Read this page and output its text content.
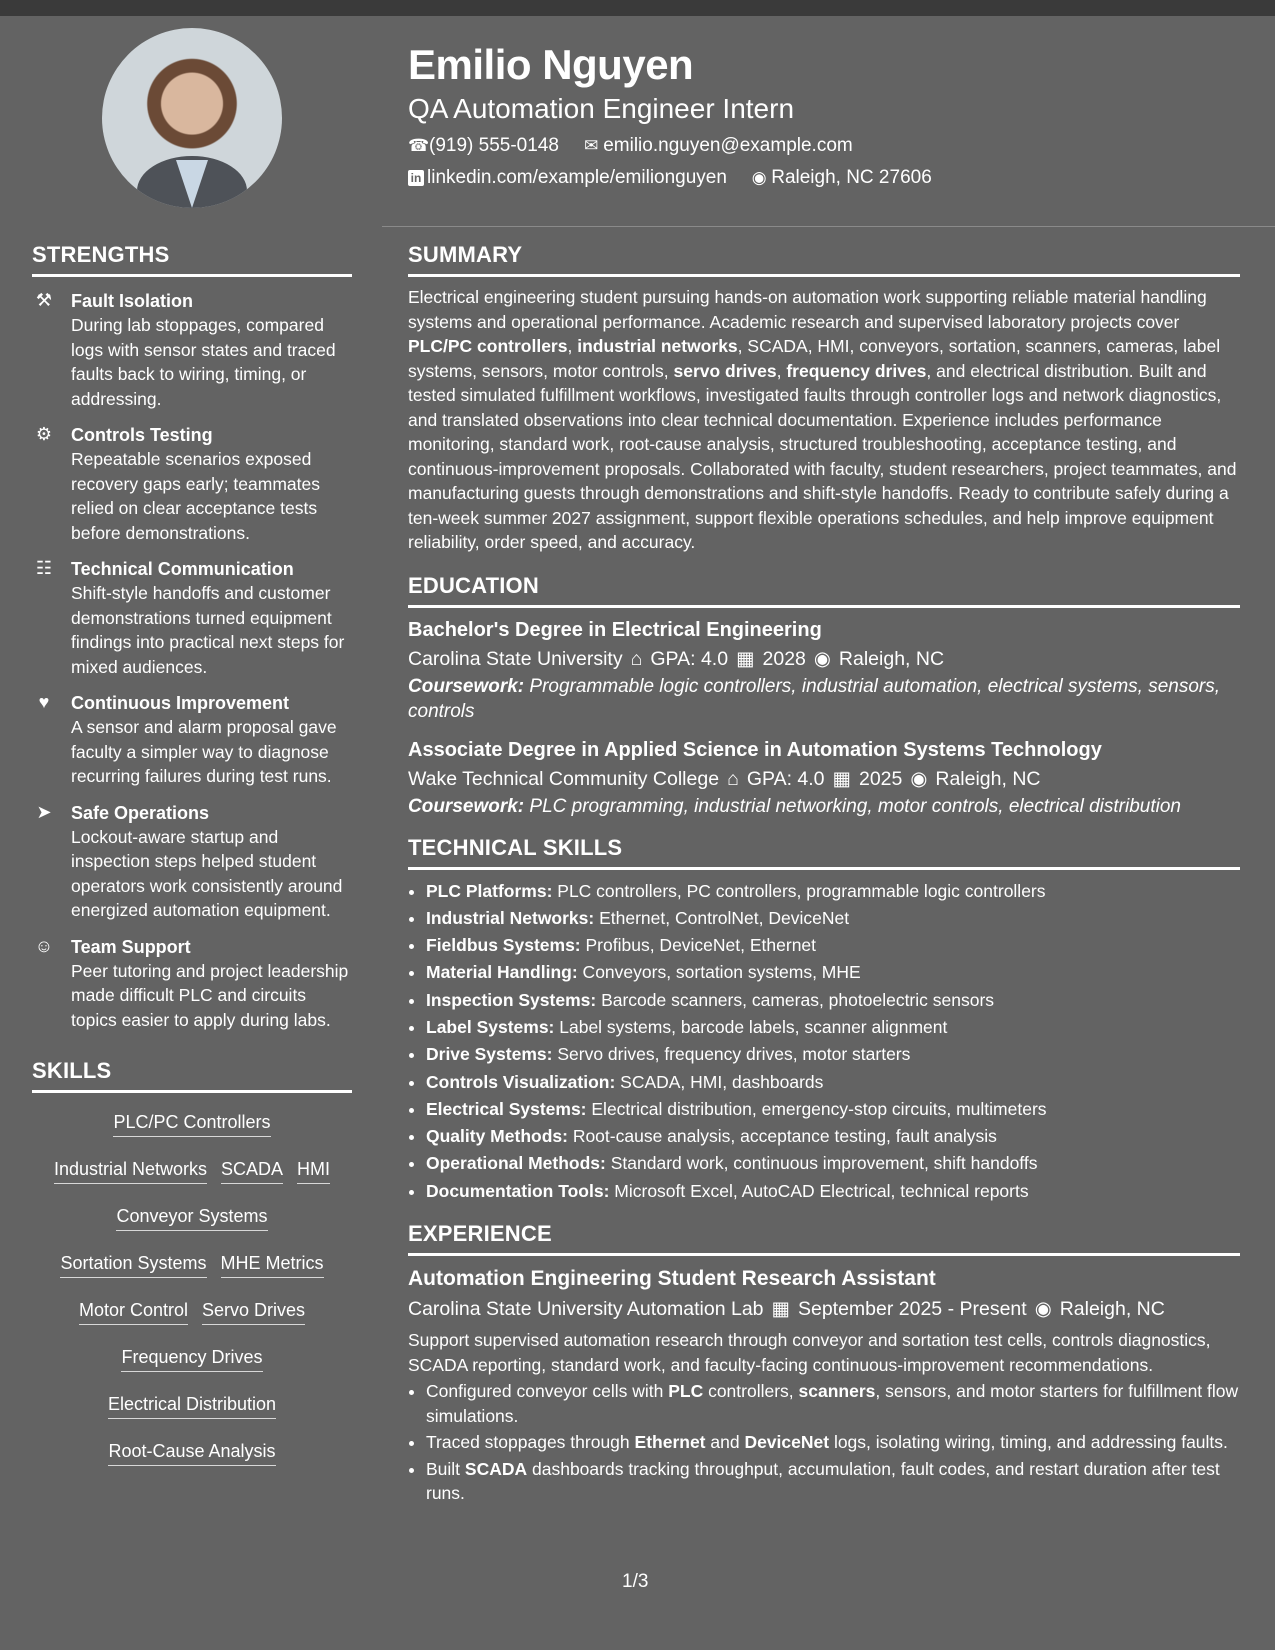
Emilio Nguyen
QA Automation Engineer Intern
☎(919) 555-0148 ✉ emilio.nguyen@example.com
in linkedin.com/example/emilionguyen ◉ Raleigh, NC 27606
STRENGTHS
⚒ Fault Isolation
During lab stoppages, compared logs with sensor states and traced faults back to wiring, timing, or addressing.
⚙ Controls Testing
Repeatable scenarios exposed recovery gaps early; teammates relied on clear acceptance tests before demonstrations.
☷ Technical Communication
Shift-style handoffs and customer demonstrations turned equipment findings into practical next steps for mixed audiences.
♥	Continuous Improvement
A sensor and alarm proposal gave faculty a simpler way to diagnose recurring failures during test runs.
➤ Safe Operations
Lockout-aware startup and inspection steps helped student operators work consistently around energized automation equipment.
☺ Team Support
Peer tutoring and project leadership made difficult PLC and circuits topics easier to apply during labs.
SKILLS
PLC/PC Controllers
Industrial Networks SCADA HMI
Conveyor Systems
Sortation Systems MHE Metrics
Motor Control Servo Drives
Frequency Drives
Electrical Distribution
Root-Cause Analysis
SUMMARY
Electrical engineering student pursuing hands-on automation work supporting reliable material handling systems and operational performance. Academic research and supervised laboratory projects cover PLC/PC controllers, industrial networks, SCADA, HMI, conveyors, sortation, scanners, cameras, label systems, sensors, motor controls, servo drives, frequency drives, and electrical distribution. Built and tested simulated fulfillment workflows, investigated faults through controller logs and network diagnostics, and translated observations into clear technical documentation. Experience includes performance monitoring, standard work, root-cause analysis, structured troubleshooting, acceptance testing, and continuous-improvement proposals. Collaborated with faculty, student researchers, project teammates, and manufacturing guests through demonstrations and shift-style handoffs. Ready to contribute safely during a ten-week summer 2027 assignment, support flexible operations schedules, and help improve equipment reliability, order speed, and accuracy.
EDUCATION
Bachelor's Degree in Electrical Engineering
Carolina State University ⌂ GPA: 4.0 ▦ 2028 ◉ Raleigh, NC
Coursework: Programmable logic controllers, industrial automation, electrical systems, sensors, controls
Associate Degree in Applied Science in Automation Systems Technology
Wake Technical Community College ⌂ GPA: 4.0 ▦ 2025 ◉ Raleigh, NC
Coursework: PLC programming, industrial networking, motor controls, electrical distribution
TECHNICAL SKILLS
• PLC Platforms: PLC controllers, PC controllers, programmable logic controllers
• Industrial Networks: Ethernet, ControlNet, DeviceNet
• Fieldbus Systems: Profibus, DeviceNet, Ethernet
• Material Handling: Conveyors, sortation systems, MHE
• Inspection Systems: Barcode scanners, cameras, photoelectric sensors
• Label Systems: Label systems, barcode labels, scanner alignment
• Drive Systems: Servo drives, frequency drives, motor starters
• Controls Visualization: SCADA, HMI, dashboards
• Electrical Systems: Electrical distribution, emergency-stop circuits, multimeters
• Quality Methods: Root-cause analysis, acceptance testing, fault analysis
• Operational Methods: Standard work, continuous improvement, shift handoffs
• Documentation Tools: Microsoft Excel, AutoCAD Electrical, technical reports
EXPERIENCE
Automation Engineering Student Research Assistant
Carolina State University Automation Lab ▦ September 2025 - Present ◉ Raleigh, NC
Support supervised automation research through conveyor and sortation test cells, controls diagnostics, SCADA reporting, standard work, and faculty-facing continuous-improvement recommendations.
• Configured conveyor cells with PLC controllers, scanners, sensors, and motor starters for fulfillment flow simulations.
• Traced stoppages through Ethernet and DeviceNet logs, isolating wiring, timing, and addressing faults.
• Built SCADA dashboards tracking throughput, accumulation, fault codes, and restart duration after test runs.
1/3
